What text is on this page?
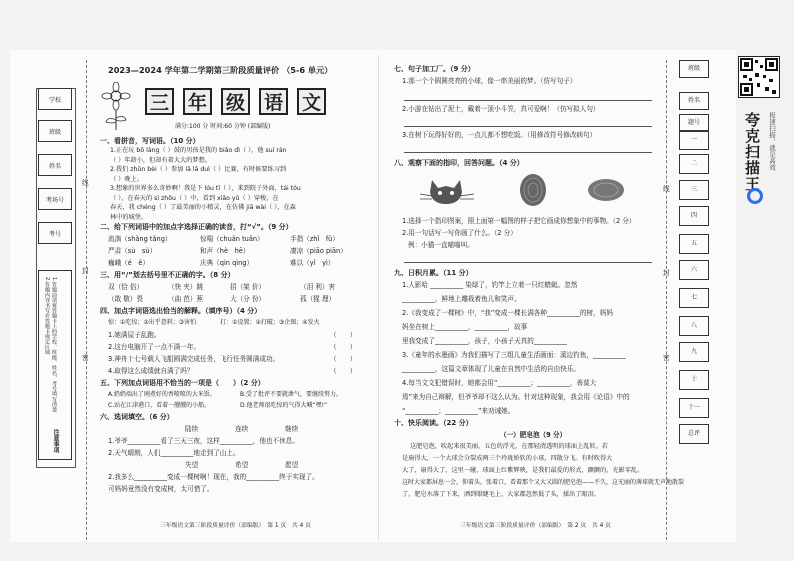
学校
班级
姓名
考场号
考号
1.答题前请将答题卡上的学校、班级、姓名、考号填写清楚 2.答题内容书写在答题卡规定区域
注意事项
线
封
密
2023—2024 学年第二学期第三阶段质量评价 （5-6 单元）
三 年 级 语 文
满分:100 分 时间:60 分钟 (部编版)
一、看拼音，写词语。（10 分）
1.正在玩 bō làng（ ）鼓的男孩是我的 biǎo dì（ ），他 suí rán
（ ）年龄小，但却有着大大的梦想。
2.我们 zhǔn bèi（ ）参加 lā lā duì（ ）比赛，有时候要练习到
（ ）晚上。
3.想象的世界多么奇妙啊！我是下 lóu tī（ ），来到院子外面，tái tóu
（ ），在春天的 sì zhōu（ ）中，看到 xiǎo yǔ（ ）穿梭，在
春天，我 chéng（ ）了最美丽的小精灵，在仿佛 jiā wài（ ），在森
林中的城堡。
二、给下列词语中的加点字选择正确的读音，打“√”。（9 分）
流淌（shǎng tǎng）	惊喘（chuǎn tuǎn）	手指（zhǐ　fǔ）
严肃（sù　sù）	和声（hè　hē）	凄凉（piāo piān）
巍峨（é　ě）	庆典（qìn qìng）	难以（yǐ　yì）
三、用“/”划去括号里不正确的字。（8 分）
双（恰 俗）	（快 夹）跳	招（架 价）	（泪 利）害
（敢 敬）畏	（曲 芭）蕉	大（分 份）	孤（猩 理）
四、加点字词语选出恰当的解释。（填序号）（4 分）
惊：①吃惊；②出乎意料；③害怕　　　　打：①设置；②打破；③企图；④发火
1.她满屋子乱跑。	（　　）
2.这台电脑开了一点不满一年。	（　　）
3.神舟十七号载人飞船圆满完成任务，飞行任务圆满成功。	（　　）
4.取得这么成绩就自满了吗？	（　　）
五、下列加点词语用不恰当的一项是（　　）（2 分）
A.奶奶端出了刚煮好的香喷喷的大米饭。	B.受了批评不要就泄气，要继续努力。
C.站在江津港口，看着一艘艘的小船。	D.他老师很吃惊的气得大喊“嘿!”
六、选词填空。（6 分）
陆续	连续	继续
1.爷爷__________看了三天三夜，这样__________，他也不休息。
2.天气晴朗，人们__________地走到了山上。
失望	希望	愿望
2.我多么__________变成一棵树啊！现在，我的__________终于实现了。
可妈妈竟然没有变成树，太可惜了。
三年级语文第三阶段质量评价（部编版）　第 1 页　共 4 页
七、句子加工厂。（9 分）
1.那一个个圆圆亮亮的小球，像一串美丽的梦。（仿写句子）
2.小游在钻出了泥土，戴着一顶小斗笠，真可爱啊！（仿写拟人句）
3.在树下玩得好好的，一点儿都不想吃饭。（用修改符号修改病句）
八、观察下面的指印，回答问题。（4 分）
1.选择一个指印图案，照上面第一幅图的样子把它画成你想象中的事物。（2 分）
2.用一句话写一写你画了什么。（2 分）
例：小猫一直喵喵叫。
九、日积月累。（11 分）
1.人影哈 __________ 染绿了，钓竿上立着一只红蜻蜓。忽然
__________，鲜地上雕栽着鱼儿和笑声。
2.《我变成了一棵树》中，“我”变成一棵长满各种__________的树，妈妈
妈坐在树上__________，__________，故事
里我变成了__________，孩子，小孩子天真的__________
3.《童年的水墨画》为我们描写了三组儿童生活画面：溪边钓鱼，__________
__________，这篇文章体现了儿童在自然中生活的自由快乐。
4.每当文文犯错误时，她都会用“__________；__________，善莫大
焉”来为自己辩解，但爷爷却不这么认为。针对这种现象，我会用《论语》中的
“__________；__________”来劝诫她。
十、快乐阅读。（22 分）
（一）肥皂泡（9 分）
这肥皂泡，吹起来很美丽，五色的浮光，在那轻清透明的球面上乱转。若
是扇得大，一个大球会分裂成两三个玲珑娇软的小球，四散分飞。有时吹得大
大了，扇得大了，这里一碰，球面上红紫辉映，是我们最爱的形式，颤颤的，光影零乱。
这时大家都屏息一会，仰着头，张着口，看着那个又大又圆的肥皂泡——不久，这光丽的薄球就无声地散裂
了，肥皂水落了下来，洒到眼睫毛上，大家都忽然低了头，揉出了眼泪。
三年级语文第三阶段质量评价（部编版）　第 2 页　共 4 页
线
封
密
班级
姓名
题号
一
二
三
四
五
六
七
八
九
十
十一
总评
夸克扫描王	极速扫描，就是高效
